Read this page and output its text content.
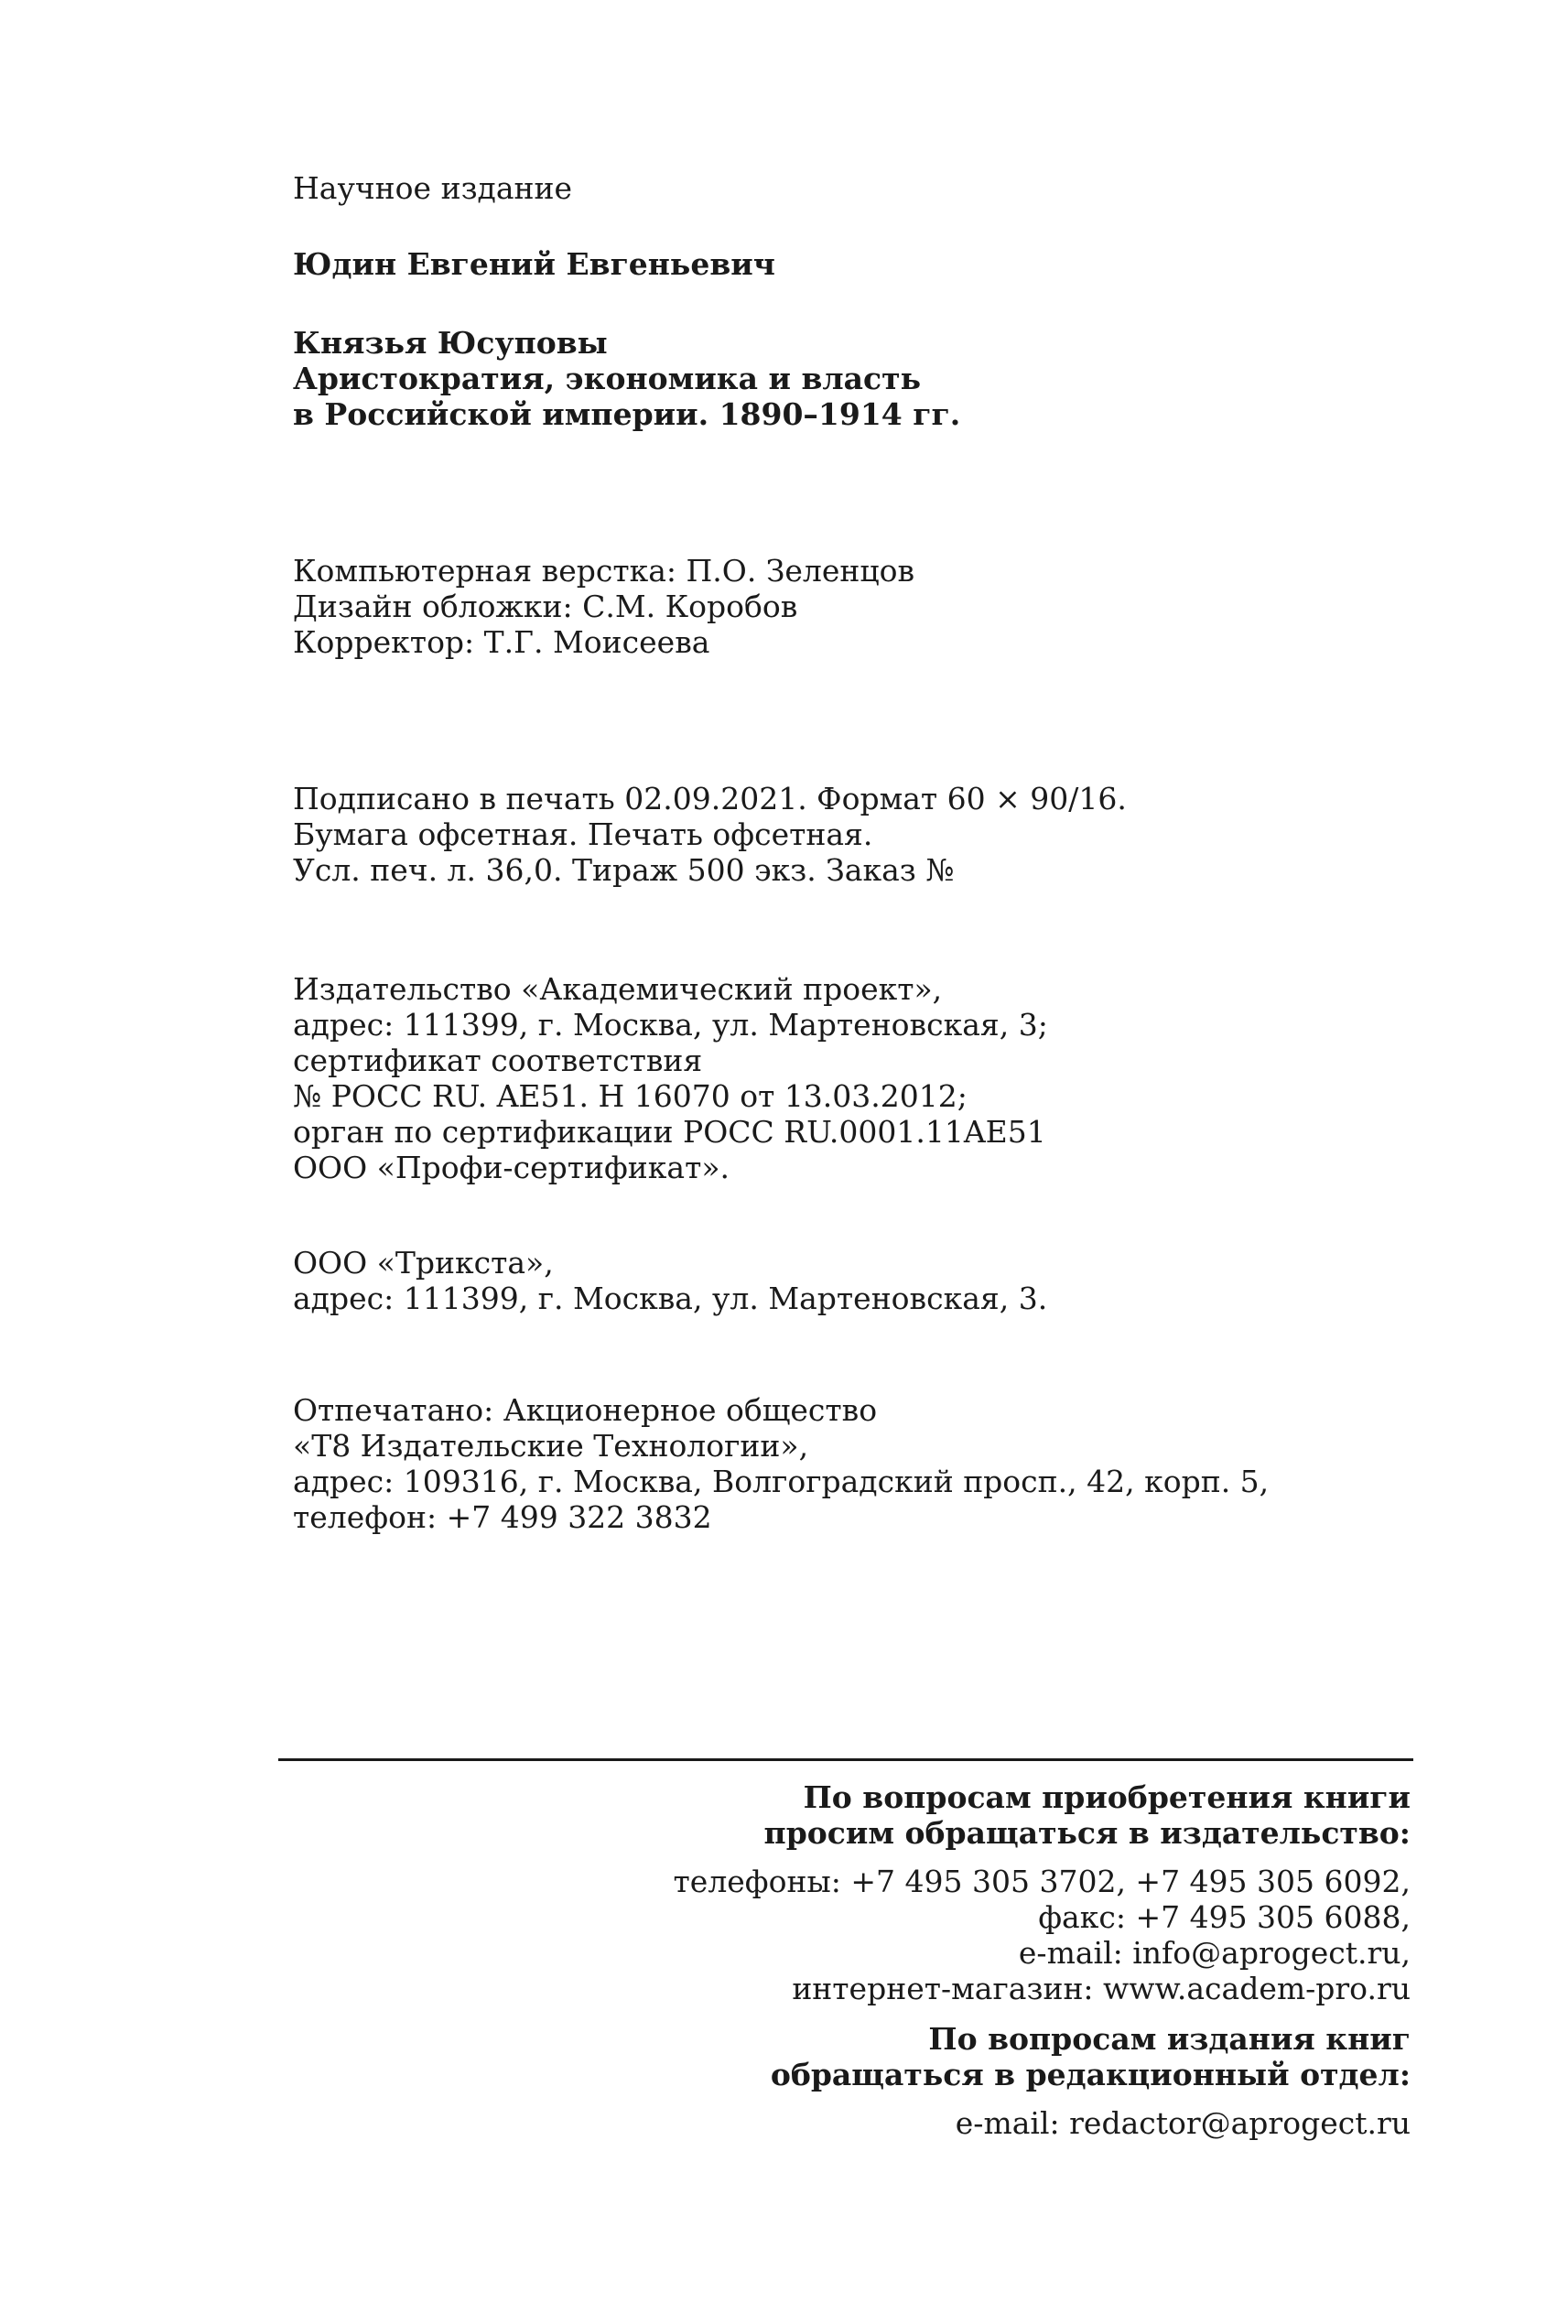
Научное издание
Юдин Евгений Евгеньевич
Князья Юсуповы
Аристократия, экономика и власть
в Российской империи. 1890–1914 гг.
Компьютерная верстка: П.О. Зеленцов
Дизайн обложки: С.М. Коробов
Корректор: Т.Г. Моисеева
Подписано в печать 02.09.2021. Формат 60 × 90/16.
Бумага офсетная. Печать офсетная.
Усл. печ. л. 36,0. Тираж 500 экз. Заказ №
Издательство «Академический проект»,
адрес: 111399, г. Москва, ул. Мартеновская, 3;
сертификат соответствия
№ РОСС RU. AE51. H 16070 от 13.03.2012;
орган по сертификации РОСС RU.0001.11AE51
ООО «Профи-сертификат».
ООО «Трикста»,
адрес: 111399, г. Москва, ул. Мартеновская, 3.
Отпечатано: Акционерное общество
«Т8 Издательские Технологии»,
адрес: 109316, г. Москва, Волгоградский просп., 42, корп. 5,
телефон: +7 499 322 3832
По вопросам приобретения книги
просим обращаться в издательство:
телефоны: +7 495 305 3702, +7 495 305 6092,
факс: +7 495 305 6088,
e-mail: info@aprogect.ru,
интернет-магазин: www.academ-pro.ru
По вопросам издания книг
обращаться в редакционный отдел:
e-mail: redactor@aprogect.ru
